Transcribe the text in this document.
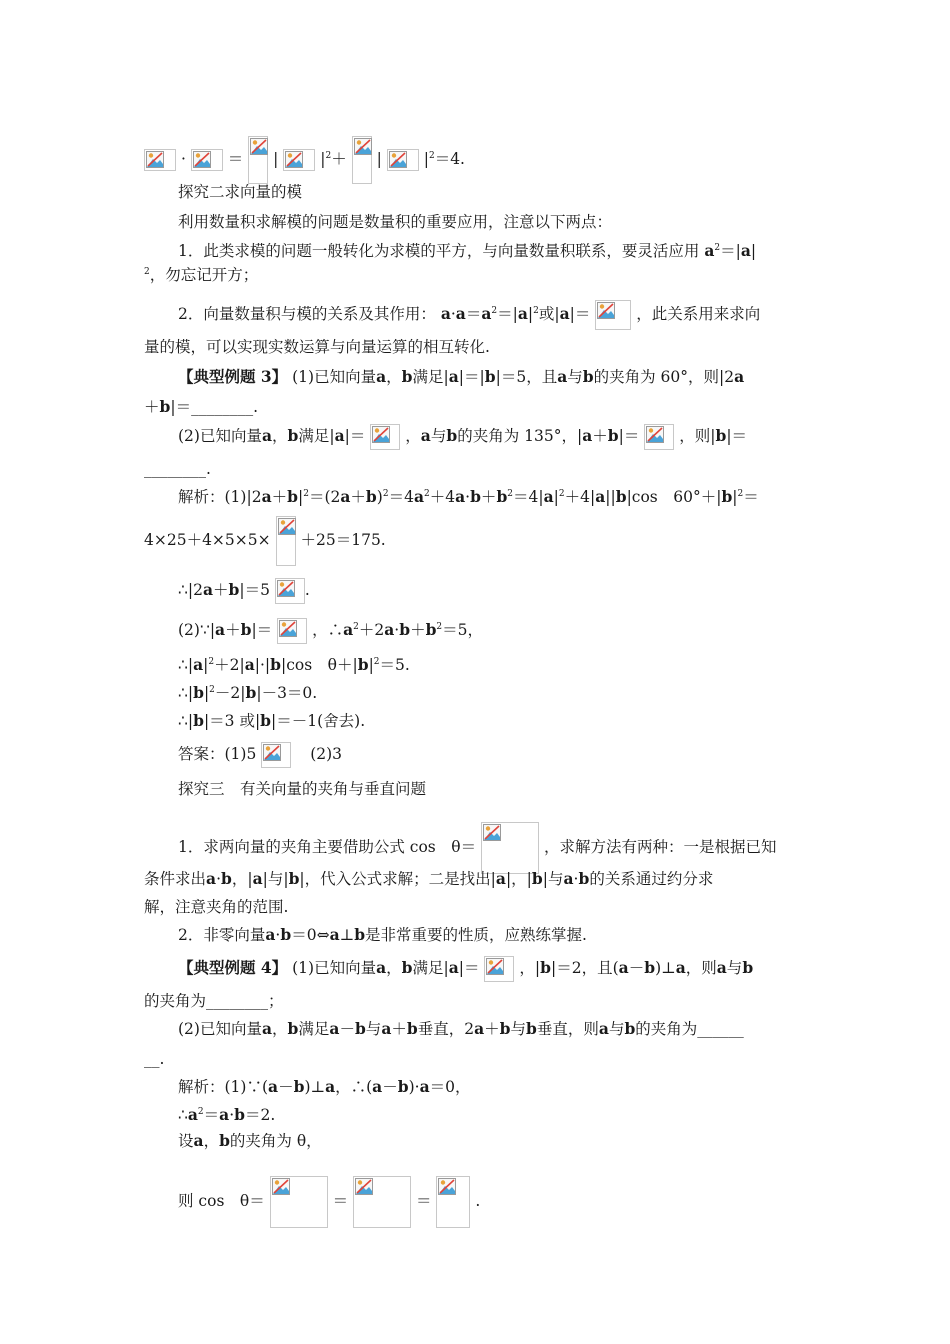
·	＝ |	$|^2+$ |	$|^2=4$.
探究二求向量的模
利用数量积求解模的问题是数量积的重要应用，注意以下两点：
1．此类求模的问题一般转化为求模的平方，与向量数量积联系，要灵活应用 $a^2=|a|$
$^2$，勿忘记开方；
2．向量数量积与模的关系及其作用： $a\cdot a=a^2=|a|^2$或|a|＝	，此关系用来求向
量的模，可以实现实数运算与向量运算的相互转化.
【典型例题 3】 (1)已知向量a，b满足|a|＝|b|＝5，且a与b的夹角为 60°，则|2a
＋b|＝________.
(2)已知向量a，b满足|a|＝	，a与b的夹角为 135°，|a＋b|＝	，则|b|＝
________.
解析：$(1)|2a+b|^2=(2a+b)^2=4a^2+4a\cdot b+b^2=4|a|^2+4|a||b|\cos$　$60^\circ+|b|^2=$
4×25＋4×5×5× ＋25＝175.
∴|2a＋b|＝5 .
(2)∵|a＋b|＝	，$\therefore a^2+2a\cdot b+b^2=5$，
$\therefore|a|^2+2|a|\cdot|b|\cos$　$\theta+|b|^2=5$.
$\therefore|b|^2-2|b|-3=0$.
∴|b|＝3 或|b|＝－1(舍去).
答案：(1)5	(2)3
探究三　有关向量的夹角与垂直问题
1．求两向量的夹角主要借助公式 cos　θ＝	，求解方法有两种：一是根据已知
条件求出a·b，|a|与|b|，代入公式求解；二是找出|a|，|b|与a·b的关系通过约分求
解，注意夹角的范围.
2．非零向量a·b＝0⇔a⊥b是非常重要的性质，应熟练掌握.
【典型例题 4】 (1)已知向量a，b满足|a|＝	，|b|＝2，且(a－b)⊥a，则a与b
的夹角为________；
(2)已知向量a，b满足a－b与a＋b垂直，2a＋b与b垂直，则a与b的夹角为______
__.
解析：(1)∵(a－b)⊥a，∴(a－b)·a＝0，
$\therefore a^2=a\cdot b=2$.
设a，b的夹角为 θ，
则 cos　θ＝	＝	＝	.
